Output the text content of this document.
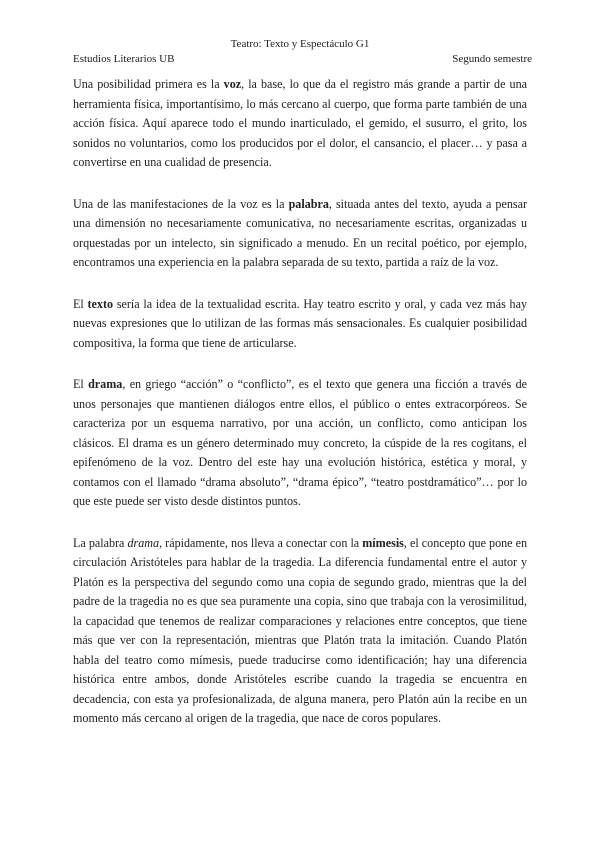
Teatro: Texto y Espectáculo G1
Estudios Literarios UB	Segundo semestre

Una posibilidad primera es la voz, la base, lo que da el registro más grande a partir de una herramienta física, importantísimo, lo más cercano al cuerpo, que forma parte también de una acción física. Aquí aparece todo el mundo inarticulado, el gemido, el susurro, el grito, los sonidos no voluntarios, como los producidos por el dolor, el cansancio, el placer… y pasa a convertirse en una cualidad de presencia.

Una de las manifestaciones de la voz es la palabra, situada antes del texto, ayuda a pensar una dimensión no necesariamente comunicativa, no necesariamente escritas, organizadas u orquestadas por un intelecto, sin significado a menudo. En un recital poético, por ejemplo, encontramos una experiencia en la palabra separada de su texto, partida a raíz de la voz.

El texto sería la idea de la textualidad escrita. Hay teatro escrito y oral, y cada vez más hay nuevas expresiones que lo utilizan de las formas más sensacionales. Es cualquier posibilidad compositiva, la forma que tiene de articularse.

El drama, en griego “acción” o “conflicto”, es el texto que genera una ficción a través de unos personajes que mantienen diálogos entre ellos, el público o entes extracorpóreos. Se caracteriza por un esquema narrativo, por una acción, un conflicto, como anticipan los clásicos. El drama es un género determinado muy concreto, la cúspide de la res cogitans, el epifenómeno de la voz. Dentro del este hay una evolución histórica, estética y moral, y contamos con el llamado “drama absoluto”, “drama épico”, “teatro postdramático”… por lo que este puede ser visto desde distintos puntos.

La palabra drama, rápidamente, nos lleva a conectar con la mímesis, el concepto que pone en circulación Aristóteles para hablar de la tragedia. La diferencia fundamental entre el autor y Platón es la perspectiva del segundo como una copia de segundo grado, mientras que la del padre de la tragedia no es que sea puramente una copia, sino que trabaja con la verosimilitud, la capacidad que tenemos de realizar comparaciones y relaciones entre conceptos, que tiene más que ver con la representación, mientras que Platón trata la imitación. Cuando Platón habla del teatro como mímesis, puede traducirse como identificación; hay una diferencia histórica entre ambos, donde Aristóteles escribe cuando la tragedia se encuentra en decadencia, con esta ya profesionalizada, de alguna manera, pero Platón aún la recibe en un momento más cercano al origen de la tragedia, que nace de coros populares.
